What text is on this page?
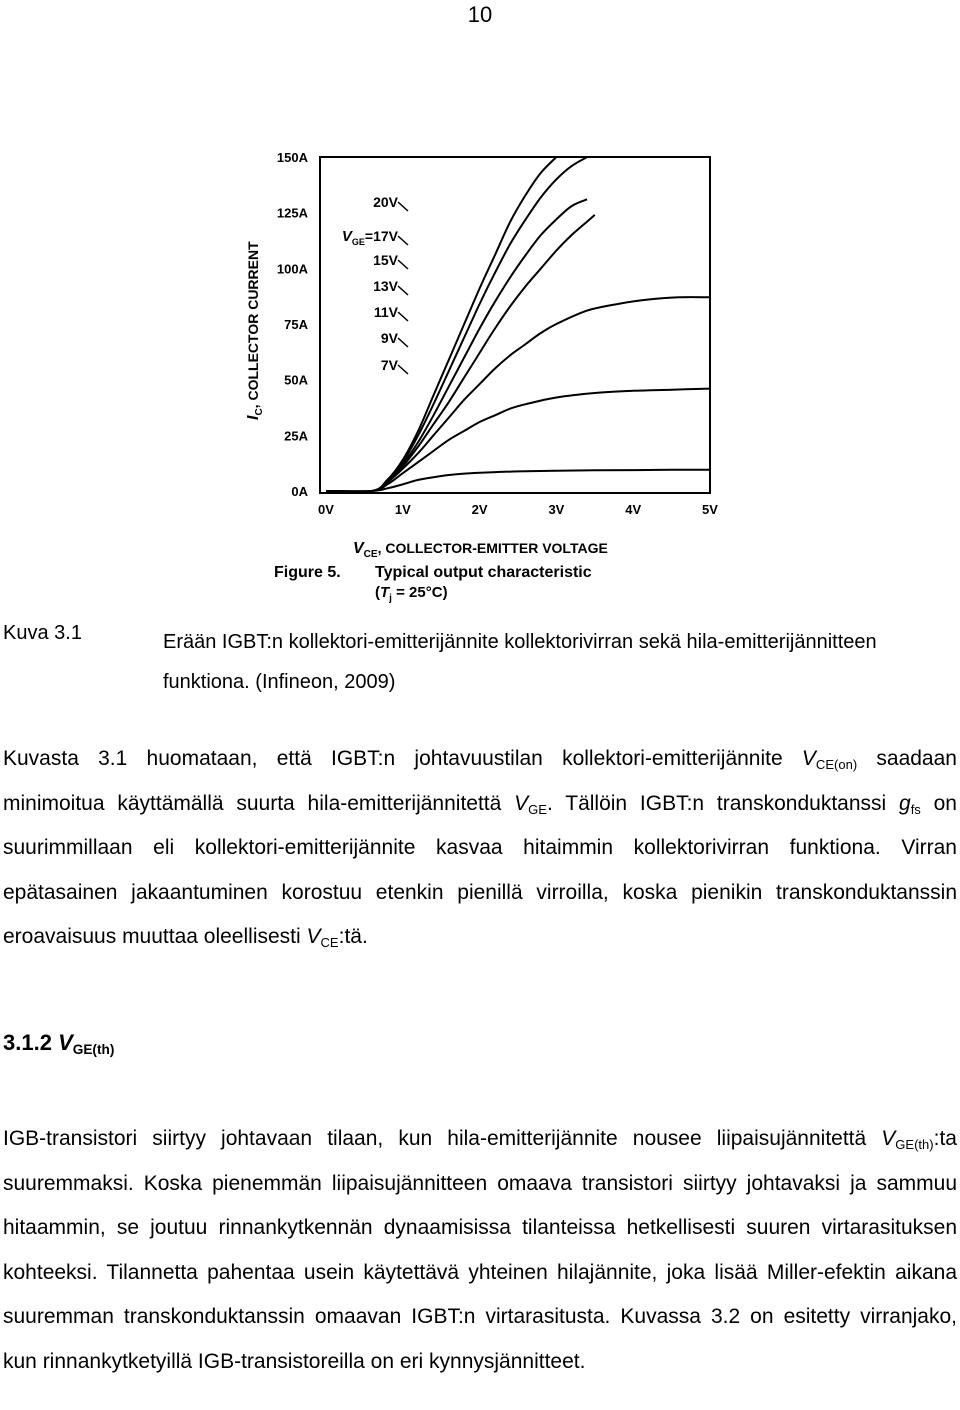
10
0A
25A
50A
75A
100A
125A
150A
0V	1V	2V	3V	4V	5V
20V
$V_{GE}=17V$
15V
13V
11V
9V
7V
$I_C$, COLLECTOR CURRENT
$V_{CE}$, COLLECTOR-EMITTER VOLTAGE
Figure 5. Typical output characteristic
$(T_j = 25^\circ C)$
Kuva 3.1	Erään IGBT:n kollektori-emitterijännite kollektorivirran sekä hila-emitterijännitteen funktiona. (Infineon, 2009)
Kuvasta 3.1 huomataan, että IGBT:n johtavuustilan kollektori-emitterijännite $V_{CE(on)}$ saadaan minimoitua käyttämällä suurta hila-emitterijännitettä $V_{GE}$. Tällöin IGBT:n transkonduktanssi $g_{fs}$ on suurimmillaan eli kollektori-emitterijännite kasvaa hitaimmin kollektorivirran funktiona. Virran epätasainen jakaantuminen korostuu etenkin pienillä virroilla, koska pienikin transkonduktanssin eroavaisuus muuttaa oleellisesti $V_{CE}:tä$.
3.1.2 $V_{GE(th)}$
IGB-transistori siirtyy johtavaan tilaan, kun hila-emitterijännite nousee liipaisujännitettä $V_{GE(th)}:ta$ suuremmaksi. Koska pienemmän liipaisujännitteen omaava transistori siirtyy johtavaksi ja sammuu hitaammin, se joutuu rinnankytkennän dynaamisissa tilanteissa hetkellisesti suuren virtarasituksen kohteeksi. Tilannetta pahentaa usein käytettävä yhteinen hilajännite, joka lisää Miller-efektin aikana suuremman transkonduktanssin omaavan IGBT:n virtarasitusta. Kuvassa 3.2 on esitetty virranjako, kun rinnankytketyillä IGB-transistoreilla on eri kynnysjännitteet.
